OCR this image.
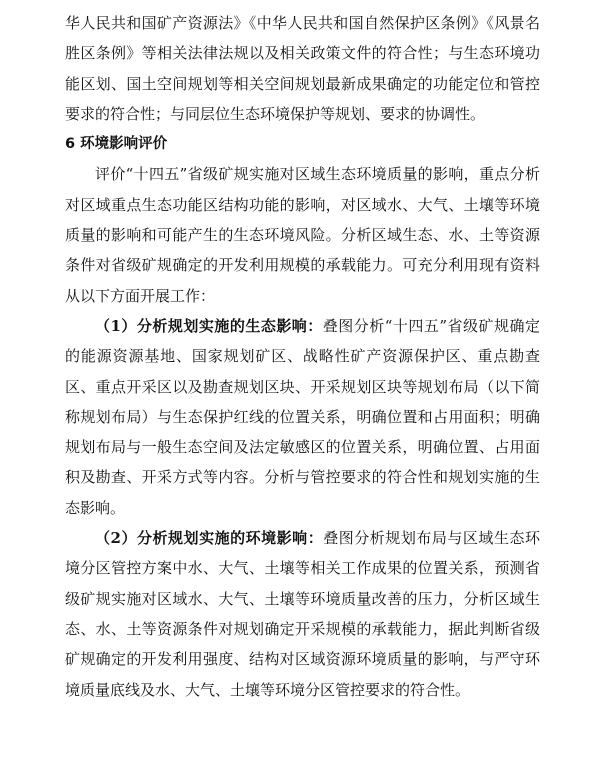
华人民共和国矿产资源法》《中华人民共和国自然保护区条例》《风景名胜区条例》等相关法律法规以及相关政策文件的符合性；与生态环境功能区划、国土空间规划等相关空间规划最新成果确定的功能定位和管控要求的符合性；与同层位生态环境保护等规划、要求的协调性。

6 环境影响评价

评价“十四五”省级矿规实施对区域生态环境质量的影响，重点分析对区域重点生态功能区结构功能的影响，对区域水、大气、土壤等环境质量的影响和可能产生的生态环境风险。分析区域生态、水、土等资源条件对省级矿规确定的开发利用规模的承载能力。可充分利用现有资料从以下方面开展工作：

（1）分析规划实施的生态影响：叠图分析“十四五”省级矿规确定的能源资源基地、国家规划矿区、战略性矿产资源保护区、重点勘查区、重点开采区以及勘查规划区块、开采规划区块等规划布局（以下简称规划布局）与生态保护红线的位置关系，明确位置和占用面积；明确规划布局与一般生态空间及法定敏感区的位置关系，明确位置、占用面积及勘查、开采方式等内容。分析与管控要求的符合性和规划实施的生态影响。

（2）分析规划实施的环境影响：叠图分析规划布局与区域生态环境分区管控方案中水、大气、土壤等相关工作成果的位置关系，预测省级矿规实施对区域水、大气、土壤等环境质量改善的压力，分析区域生态、水、土等资源条件对规划确定开采规模的承载能力，据此判断省级矿规确定的开发利用强度、结构对区域资源环境质量的影响，与严守环境质量底线及水、大气、土壤等环境分区管控要求的符合性。
